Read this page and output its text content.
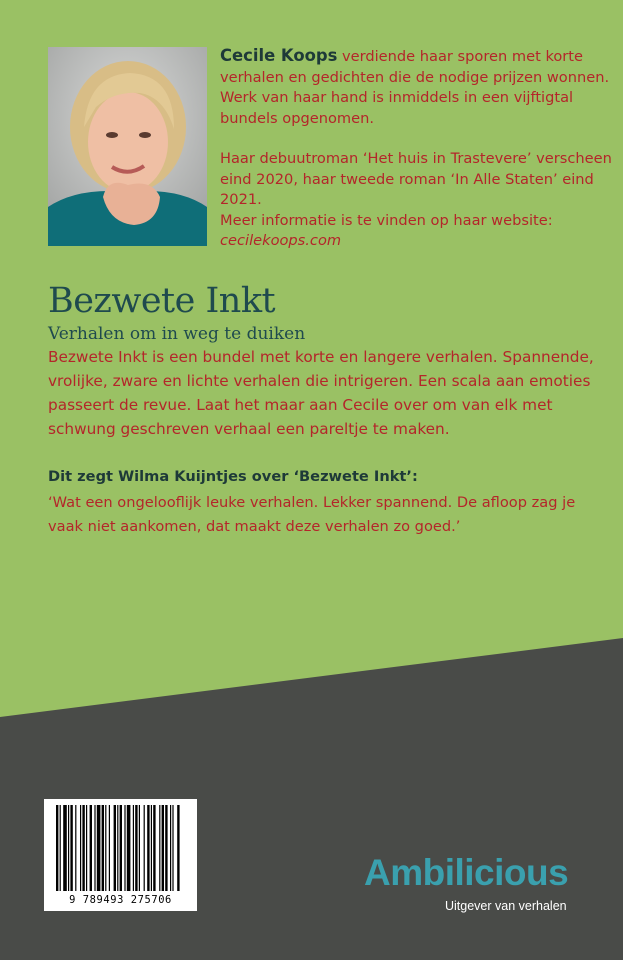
Cecile Koops verdiende haar sporen met korte verhalen en gedichten die de nodige prijzen wonnen. Werk van haar hand is inmiddels in een vijftigtal bundels opgenomen.

Haar debuutroman ‘Het huis in Trastevere’ verscheen eind 2020, haar tweede roman ‘In Alle Staten’ eind 2021.
Meer informatie is te vinden op haar website: cecilekoops.com

Bezwete Inkt
Verhalen om in weg te duiken

Bezwete Inkt is een bundel met korte en langere verhalen. Spannende, vrolijke, zware en lichte verhalen die intrigeren. Een scala aan emoties passeert de revue. Laat het maar aan Cecile over om van elk met schwung geschreven verhaal een pareltje te maken.

Dit zegt Wilma Kuijntjes over ‘Bezwete Inkt’:
‘Wat een ongelooflijk leuke verhalen. Lekker spannend. De afloop zag je vaak niet aankomen, dat maakt deze verhalen zo goed.’
9 789493 275706
Ambilicious
Uitgever van verhalen
